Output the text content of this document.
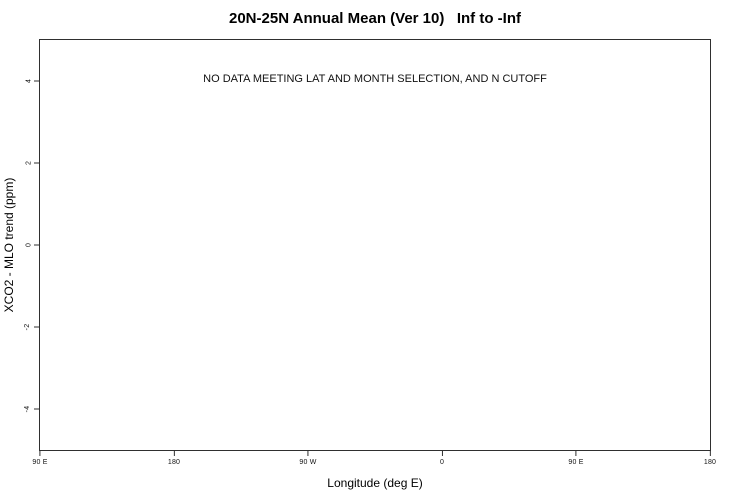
20N-25N Annual Mean (Ver 10)   Inf to -Inf
XCO2 - MLO trend (ppm)
NO DATA MEETING LAT AND MONTH SELECTION, AND N CUTOFF
90 E	180	90 W	0	90 E	180
4
2
0
-2
-4
Longitude (deg E)
